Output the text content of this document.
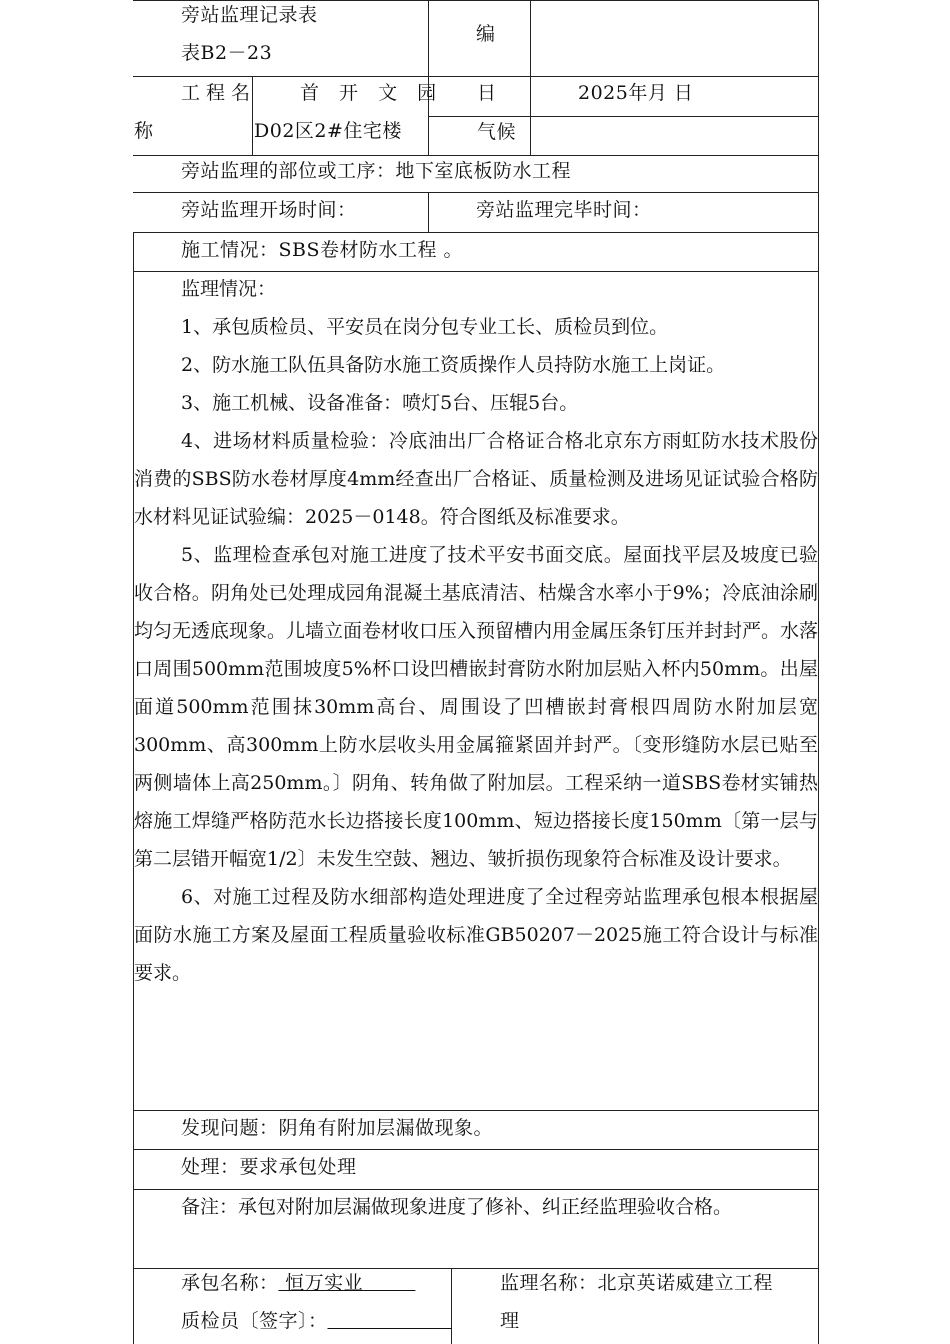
旁站监理记录表
表B2－23
编
工程名
称
首 开 文 园
D02区2#住宅楼
日	2025年月 日
气候
旁站监理的部位或工序：地下室底板防水工程
旁站监理开场时间：	旁站监理完毕时间：
施工情况：SBS卷材防水工程 。

监理情况：

1、承包质检员、平安员在岗分包专业工长、质检员到位。

2、防水施工队伍具备防水施工资质操作人员持防水施工上岗证。

3、施工机械、设备准备：喷灯5台、压辊5台。

4、进场材料质量检验：冷底油出厂合格证合格北京东方雨虹防水技术股份消费的SBS防水卷材厚度4mm经查出厂合格证、质量检测及进场见证试验合格防水材料见证试验编：2025－0148。符合图纸及标准要求。

5、监理检查承包对施工进度了技术平安书面交底。屋面找平层及坡度已验收合格。阴角处已处理成园角混凝土基底清洁、枯燥含水率小于9%；冷底油涂刷均匀无透底现象。儿墙立面卷材收口压入预留槽内用金属压条钉压并封封严。水落口周围500mm范围坡度5%杯口设凹槽嵌封膏防水附加层贴入杯内50mm。出屋面道500mm范围抹30mm高台、周围设了凹槽嵌封膏根四周防水附加层宽300mm、高300mm上防水层收头用金属箍紧固并封严。〔变形缝防水层已贴至两侧墙体上高250mm。〕阴角、转角做了附加层。工程采纳一道SBS卷材实铺热熔施工焊缝严格防范水长边搭接长度100mm、短边搭接长度150mm〔第一层与第二层错开幅宽1/2〕未发生空鼓、翘边、皱折损伤现象符合标准及设计要求。

6、对施工过程及防水细部构造处理进度了全过程旁站监理承包根本根据屋面防水施工方案及屋面工程质量验收标准GB50207－2025施工符合设计与标准要求。

发现问题：阴角有附加层漏做现象。
处理：要求承包处理

备注：承包对附加层漏做现象进度了修补、纠正经监理验收合格。

承包名称： 恒万实业
质检员〔签字〕：
监理名称：北京英诺威建立工程
理
